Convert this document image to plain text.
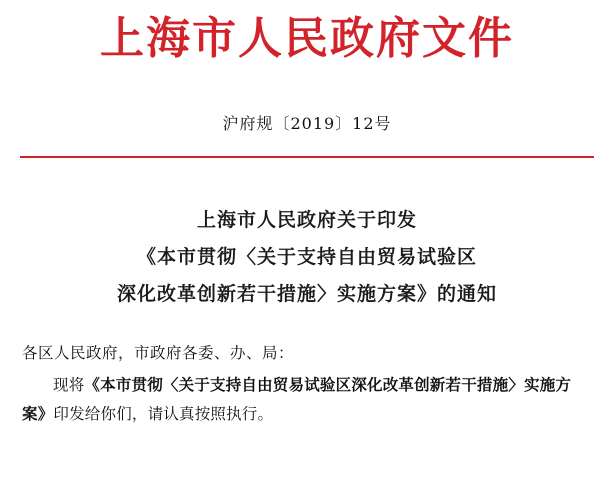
上海市人民政府文件
沪府规〔2019〕12号
上海市人民政府关于印发
《本市贯彻〈关于支持自由贸易试验区
深化改革创新若干措施〉实施方案》的通知
各区人民政府，市政府各委、办、局：
现将《本市贯彻〈关于支持自由贸易试验区深化改革创新若干措施〉实施方案》印发给你们，请认真按照执行。
